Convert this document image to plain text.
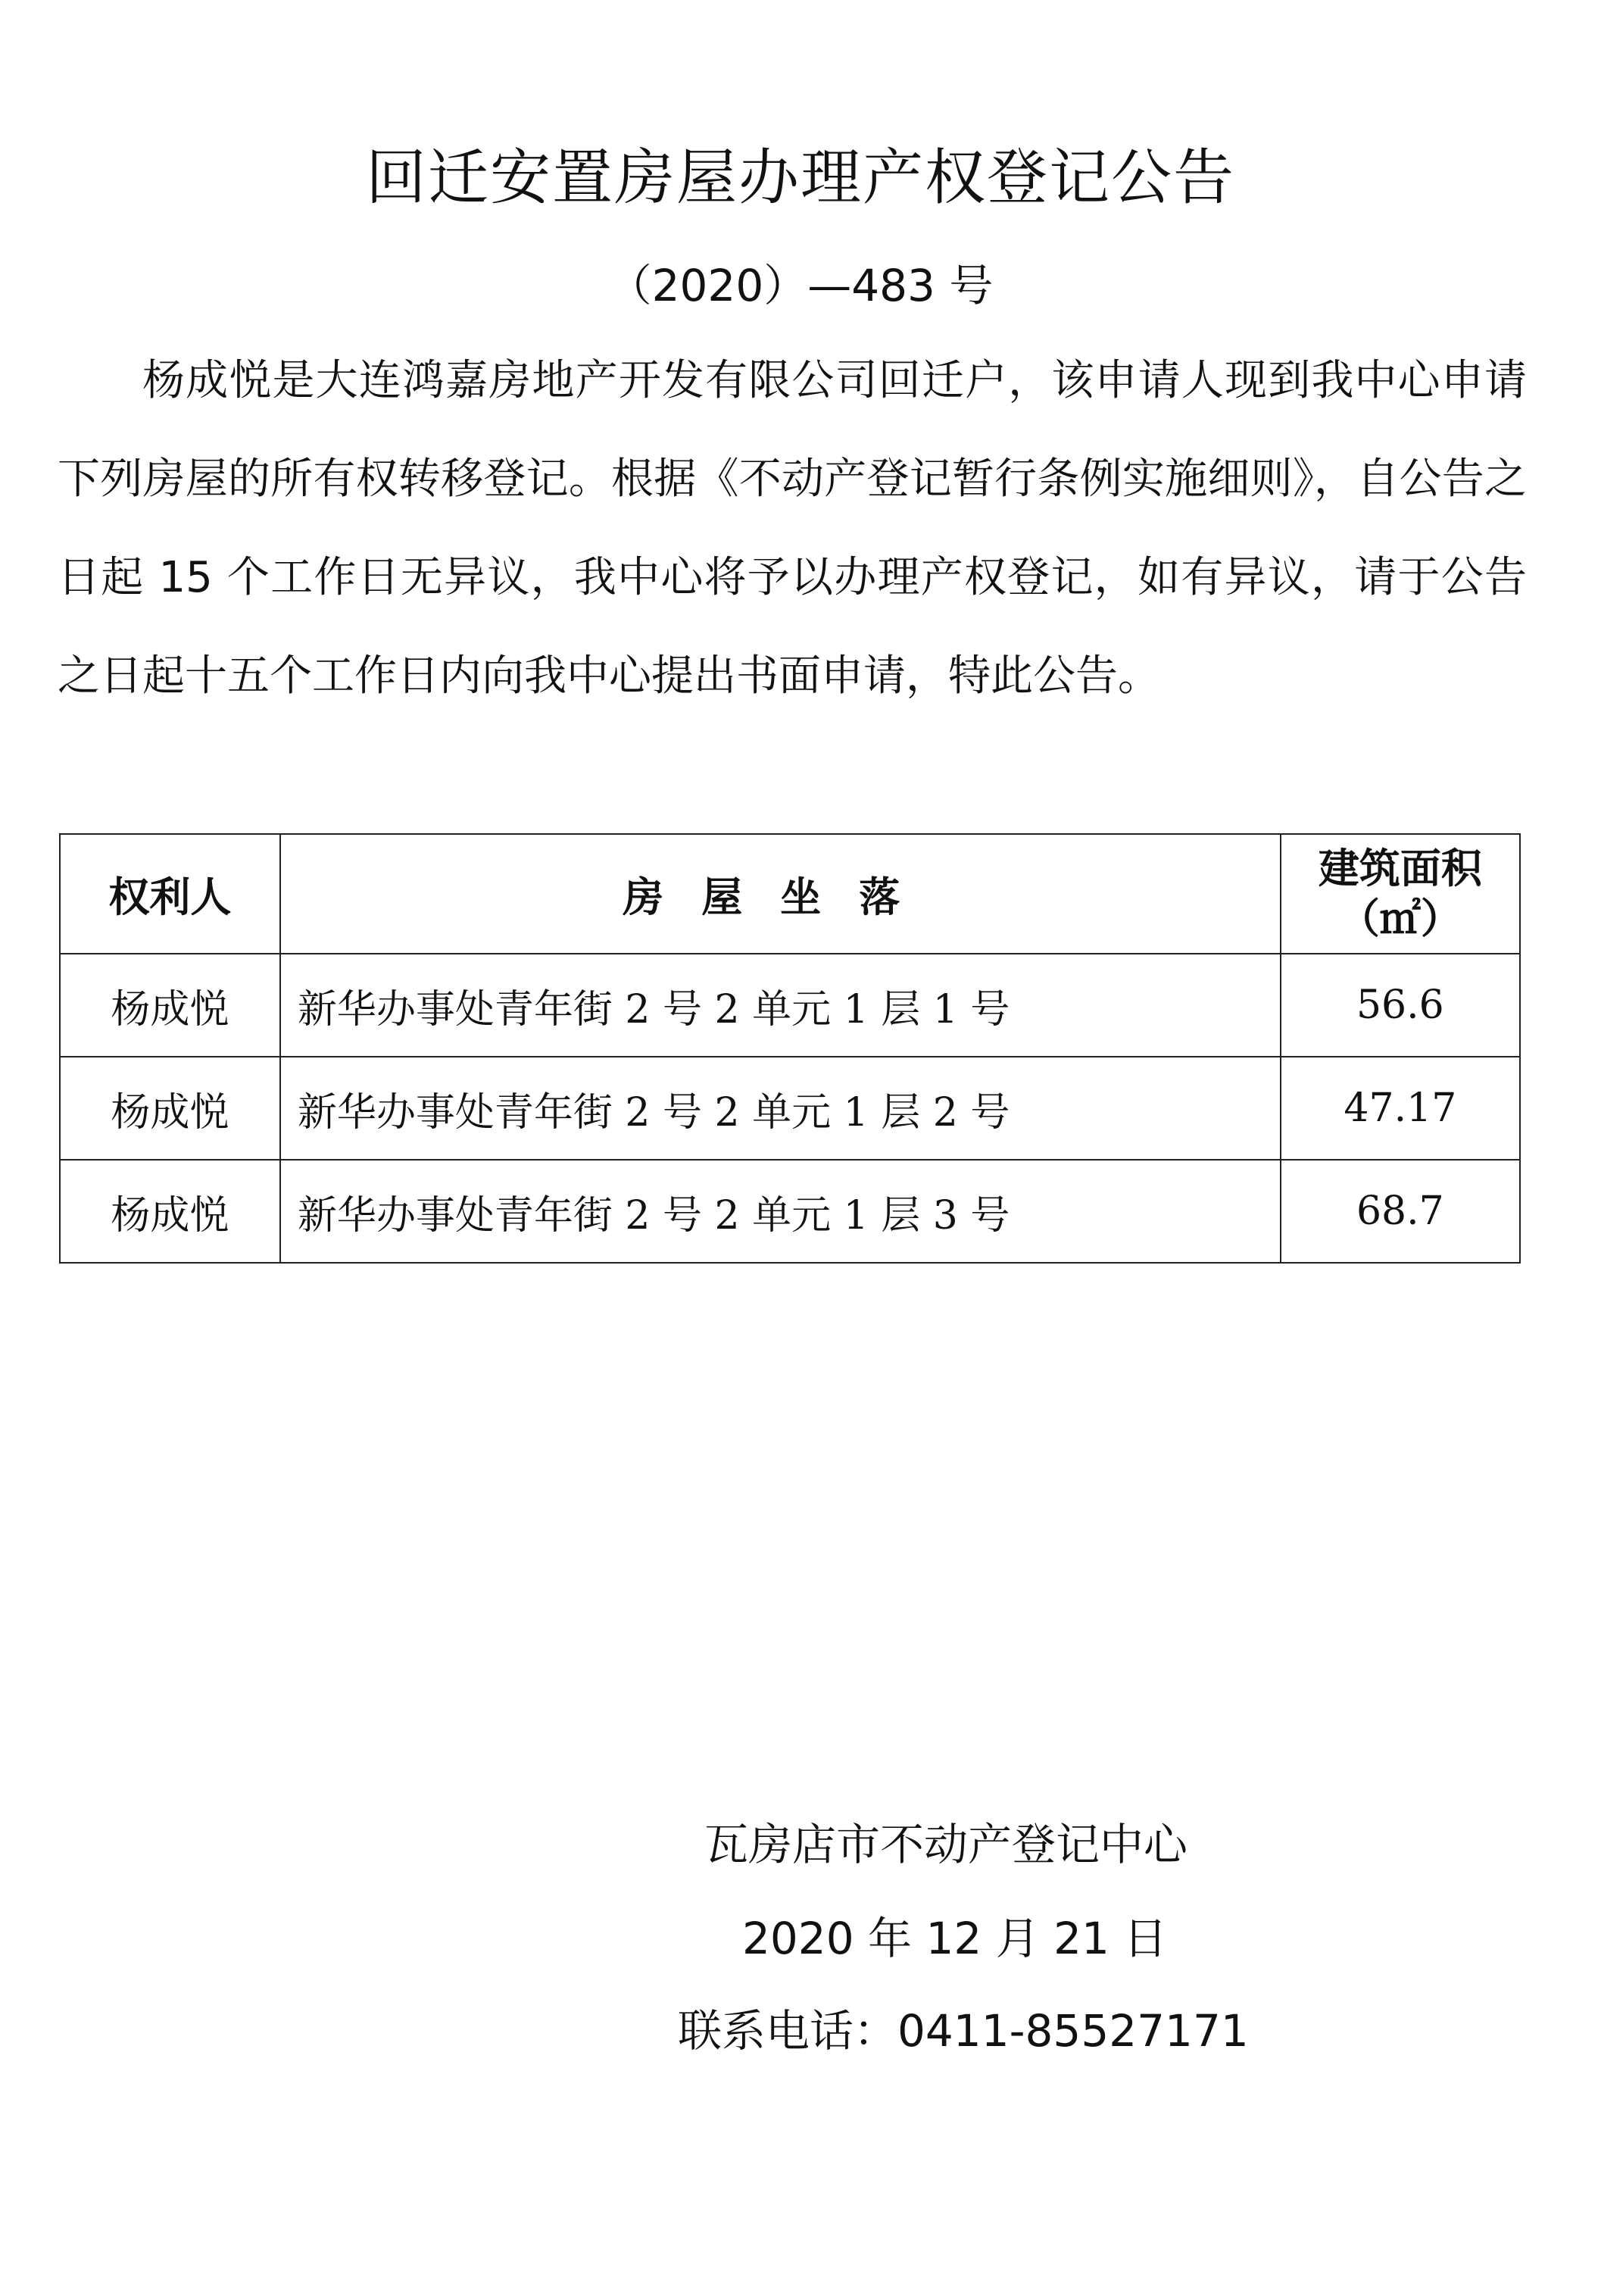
回迁安置房屋办理产权登记公告
（2020）—483 号

杨成悦是大连鸿嘉房地产开发有限公司回迁户，该申请人现到我中心申请下列房屋的所有权转移登记。根据《不动产登记暂行条例实施细则》，自公告之日起 15 个工作日无异议，我中心将予以办理产权登记，如有异议，请于公告之日起十五个工作日内向我中心提出书面申请，特此公告。

权利人	房屋坐落	建筑面积
（㎡）

杨成悦	新华办事处青年街 2 号 2 单元 1 层 1 号	56.6
杨成悦	新华办事处青年街 2 号 2 单元 1 层 2 号	47.17
杨成悦	新华办事处青年街 2 号 2 单元 1 层 3 号	68.7
瓦房店市不动产登记中心
2020 年 12 月 21 日
联系电话：0411-85527171
